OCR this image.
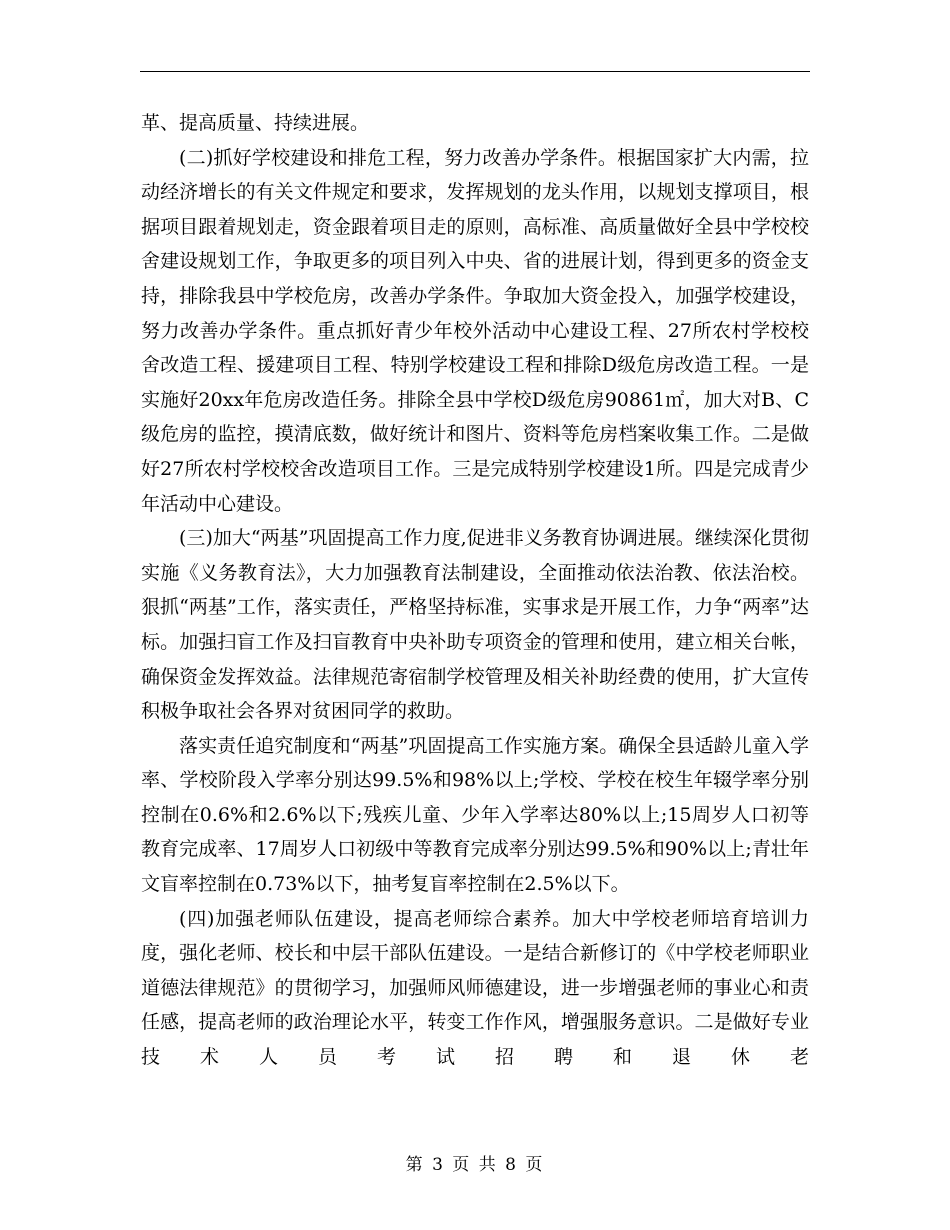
革、提高质量、持续进展。

(二)抓好学校建设和排危工程，努力改善办学条件。根据国家扩大内需，拉动经济增长的有关文件规定和要求，发挥规划的龙头作用，以规划支撑项目，根据项目跟着规划走，资金跟着项目走的原则，高标准、高质量做好全县中学校校舍建设规划工作，争取更多的项目列入中央、省的进展计划，得到更多的资金支持，排除我县中学校危房，改善办学条件。争取加大资金投入，加强学校建设，努力改善办学条件。重点抓好青少年校外活动中心建设工程、27所农村学校校舍改造工程、援建项目工程、特别学校建设工程和排除D级危房改造工程。一是实施好20xx年危房改造任务。排除全县中学校D级危房90861㎡，加大对B、C级危房的监控，摸清底数，做好统计和图片、资料等危房档案收集工作。二是做好27所农村学校校舍改造项目工作。三是完成特别学校建设1所。四是完成青少年活动中心建设。

(三)加大“两基”巩固提高工作力度,促进非义务教育协调进展。继续深化贯彻实施《义务教育法》，大力加强教育法制建设，全面推动依法治教、依法治校。狠抓“两基”工作，落实责任，严格坚持标准，实事求是开展工作，力争“两率”达标。加强扫盲工作及扫盲教育中央补助专项资金的管理和使用，建立相关台帐，确保资金发挥效益。法律规范寄宿制学校管理及相关补助经费的使用，扩大宣传积极争取社会各界对贫困同学的救助。

落实责任追究制度和“两基”巩固提高工作实施方案。确保全县适龄儿童入学率、学校阶段入学率分别达99.5%和98%以上;学校、学校在校生年辍学率分别控制在0.6%和2.6%以下;残疾儿童、少年入学率达80%以上;15周岁人口初等教育完成率、17周岁人口初级中等教育完成率分别达99.5%和90%以上;青壮年文盲率控制在0.73%以下，抽考复盲率控制在2.5%以下。

(四)加强老师队伍建设，提高老师综合素养。加大中学校老师培育培训力度，强化老师、校长和中层干部队伍建设。一是结合新修订的《中学校老师职业道德法律规范》的贯彻学习，加强师风师德建设，进一步增强老师的事业心和责任感，提高老师的政治理论水平，转变工作作风，增强服务意识。二是做好专业技术人员考试招聘和退休老

第 3 页 共 8 页
